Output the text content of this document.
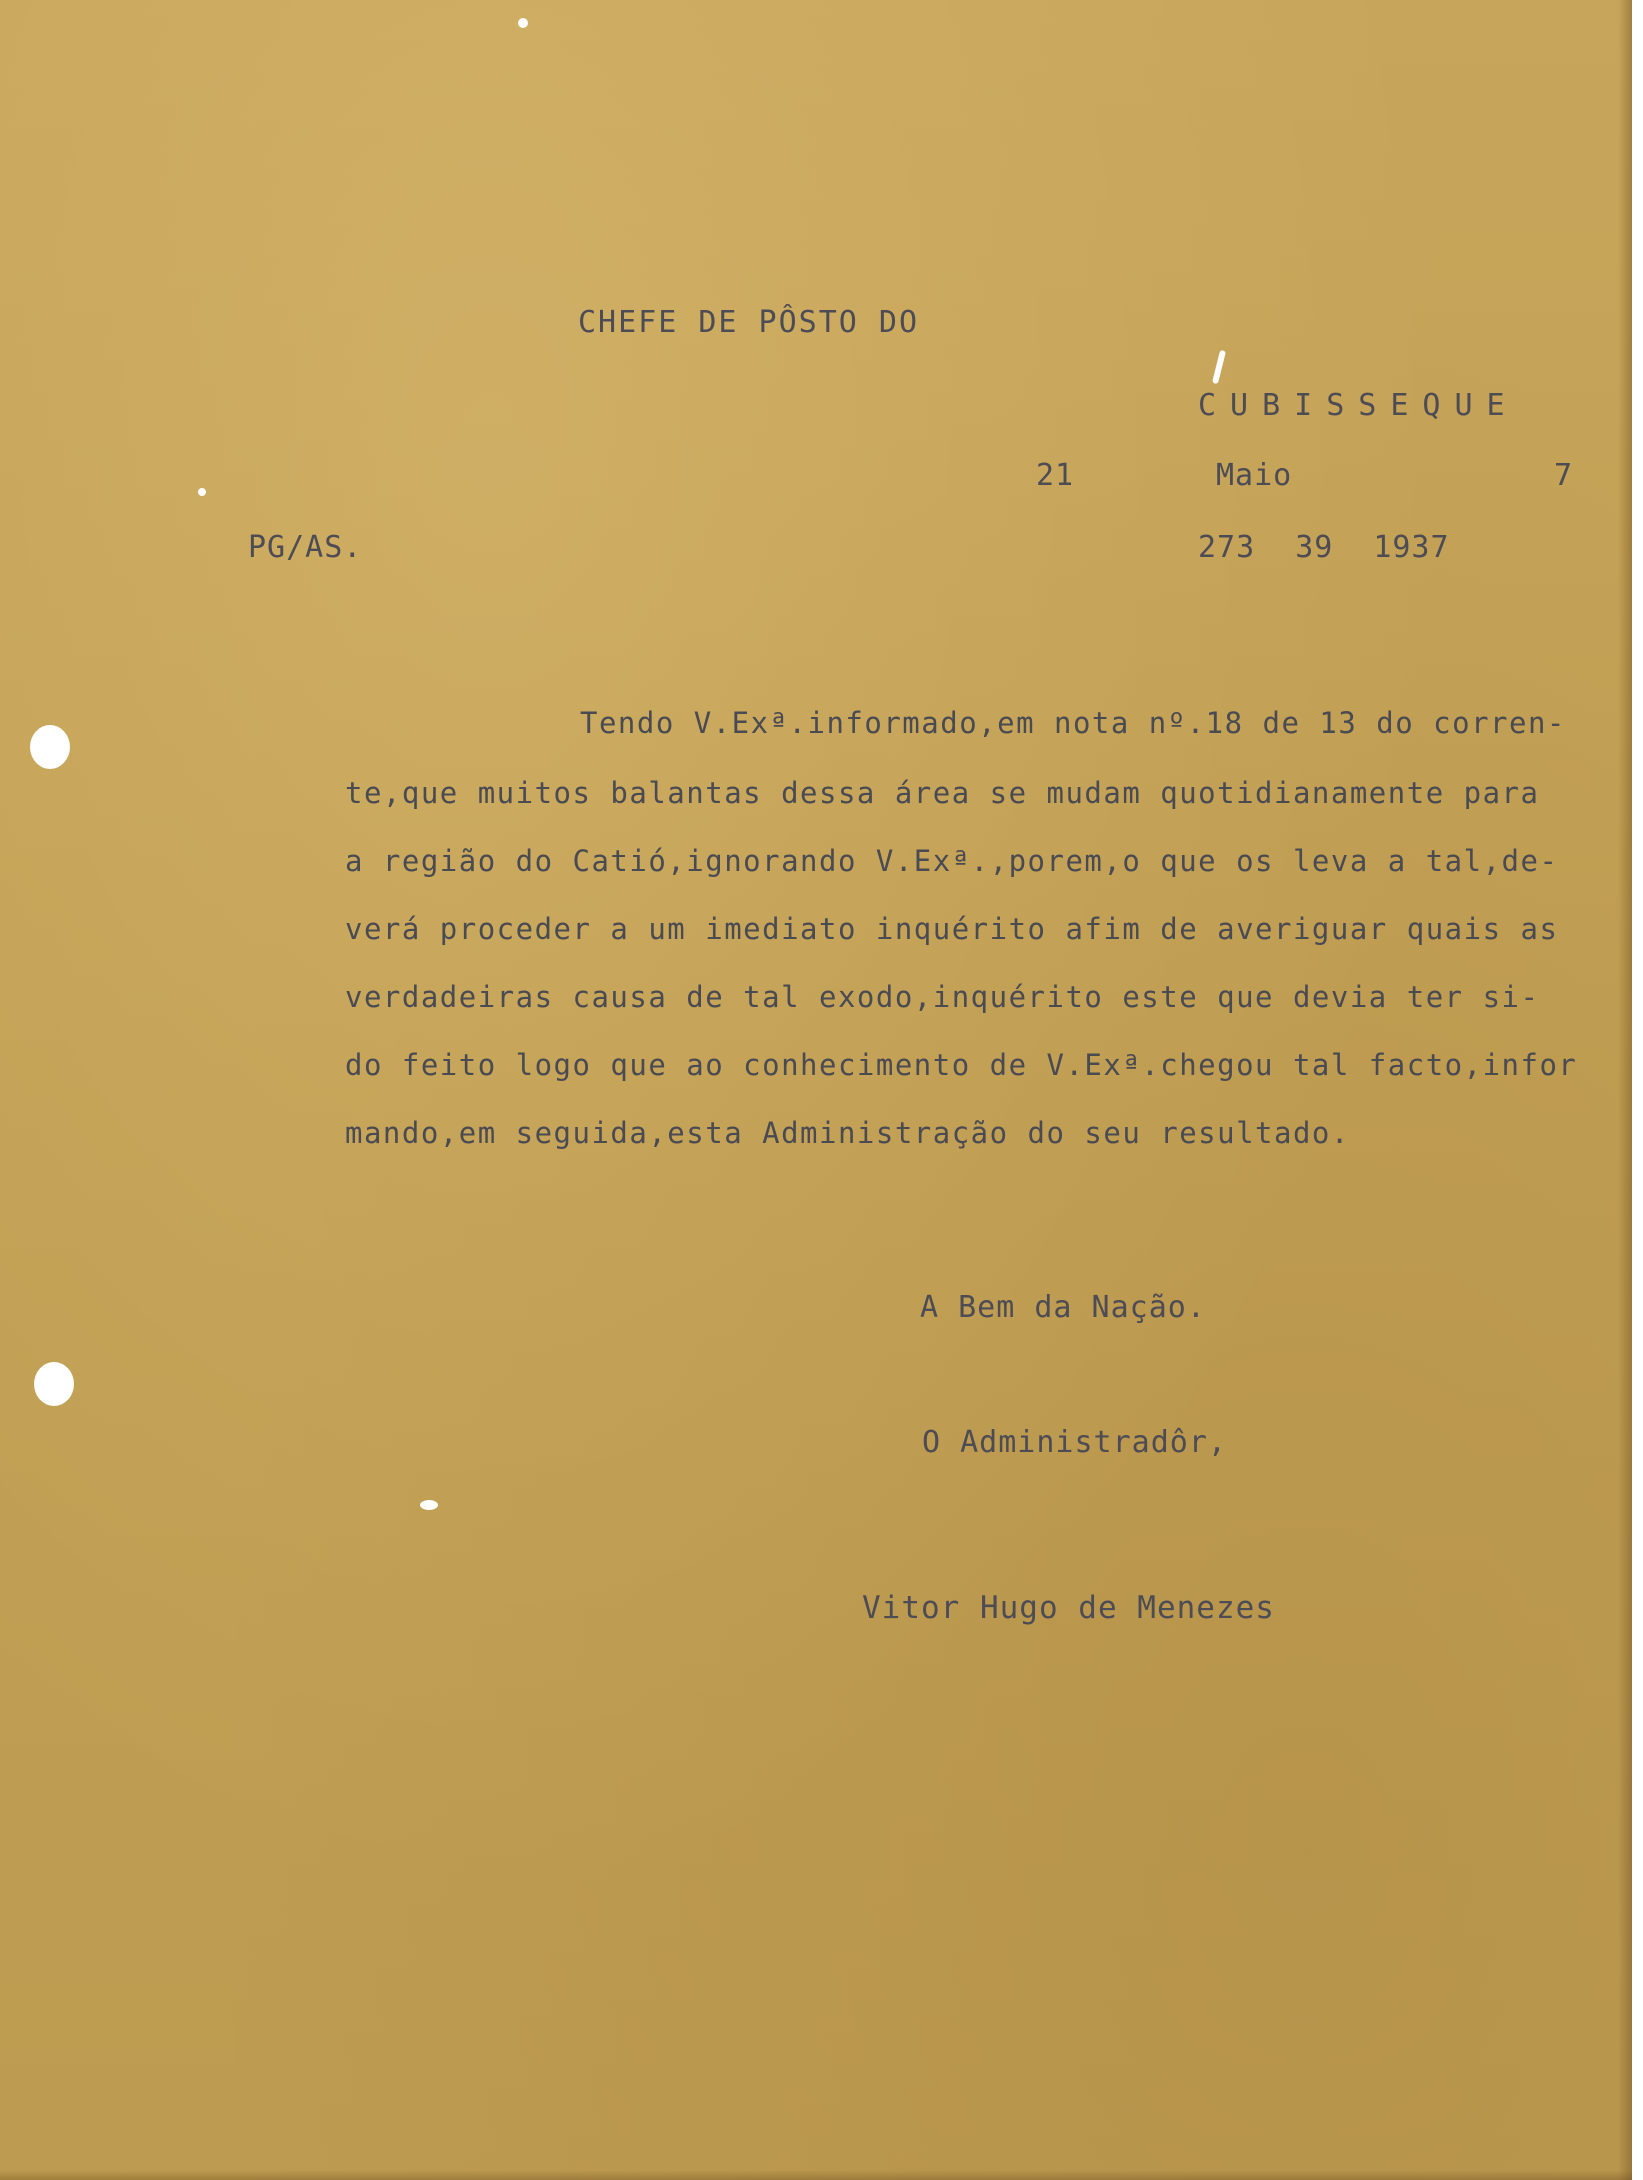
CHEFE DE PÔSTO DO
CUBISSEQUE
21	Maio	7
PG/AS.	273 39 1937
Tendo V.Exª.informado,em nota nº.18 de 13 do corren-
te,que muitos balantas dessa área se mudam quotidianamente para
a região do Catió,ignorando V.Exª.,porem,o que os leva a tal,de-
verá proceder a um imediato inquérito afim de averiguar quais as
verdadeiras causa de tal exodo,inquérito este que devia ter si-
do feito logo que ao conhecimento de V.Exª.chegou tal facto,infor
mando,em seguida,esta Administração do seu resultado.
A Bem da Nação.
O Administradôr,
Vitor Hugo de Menezes
